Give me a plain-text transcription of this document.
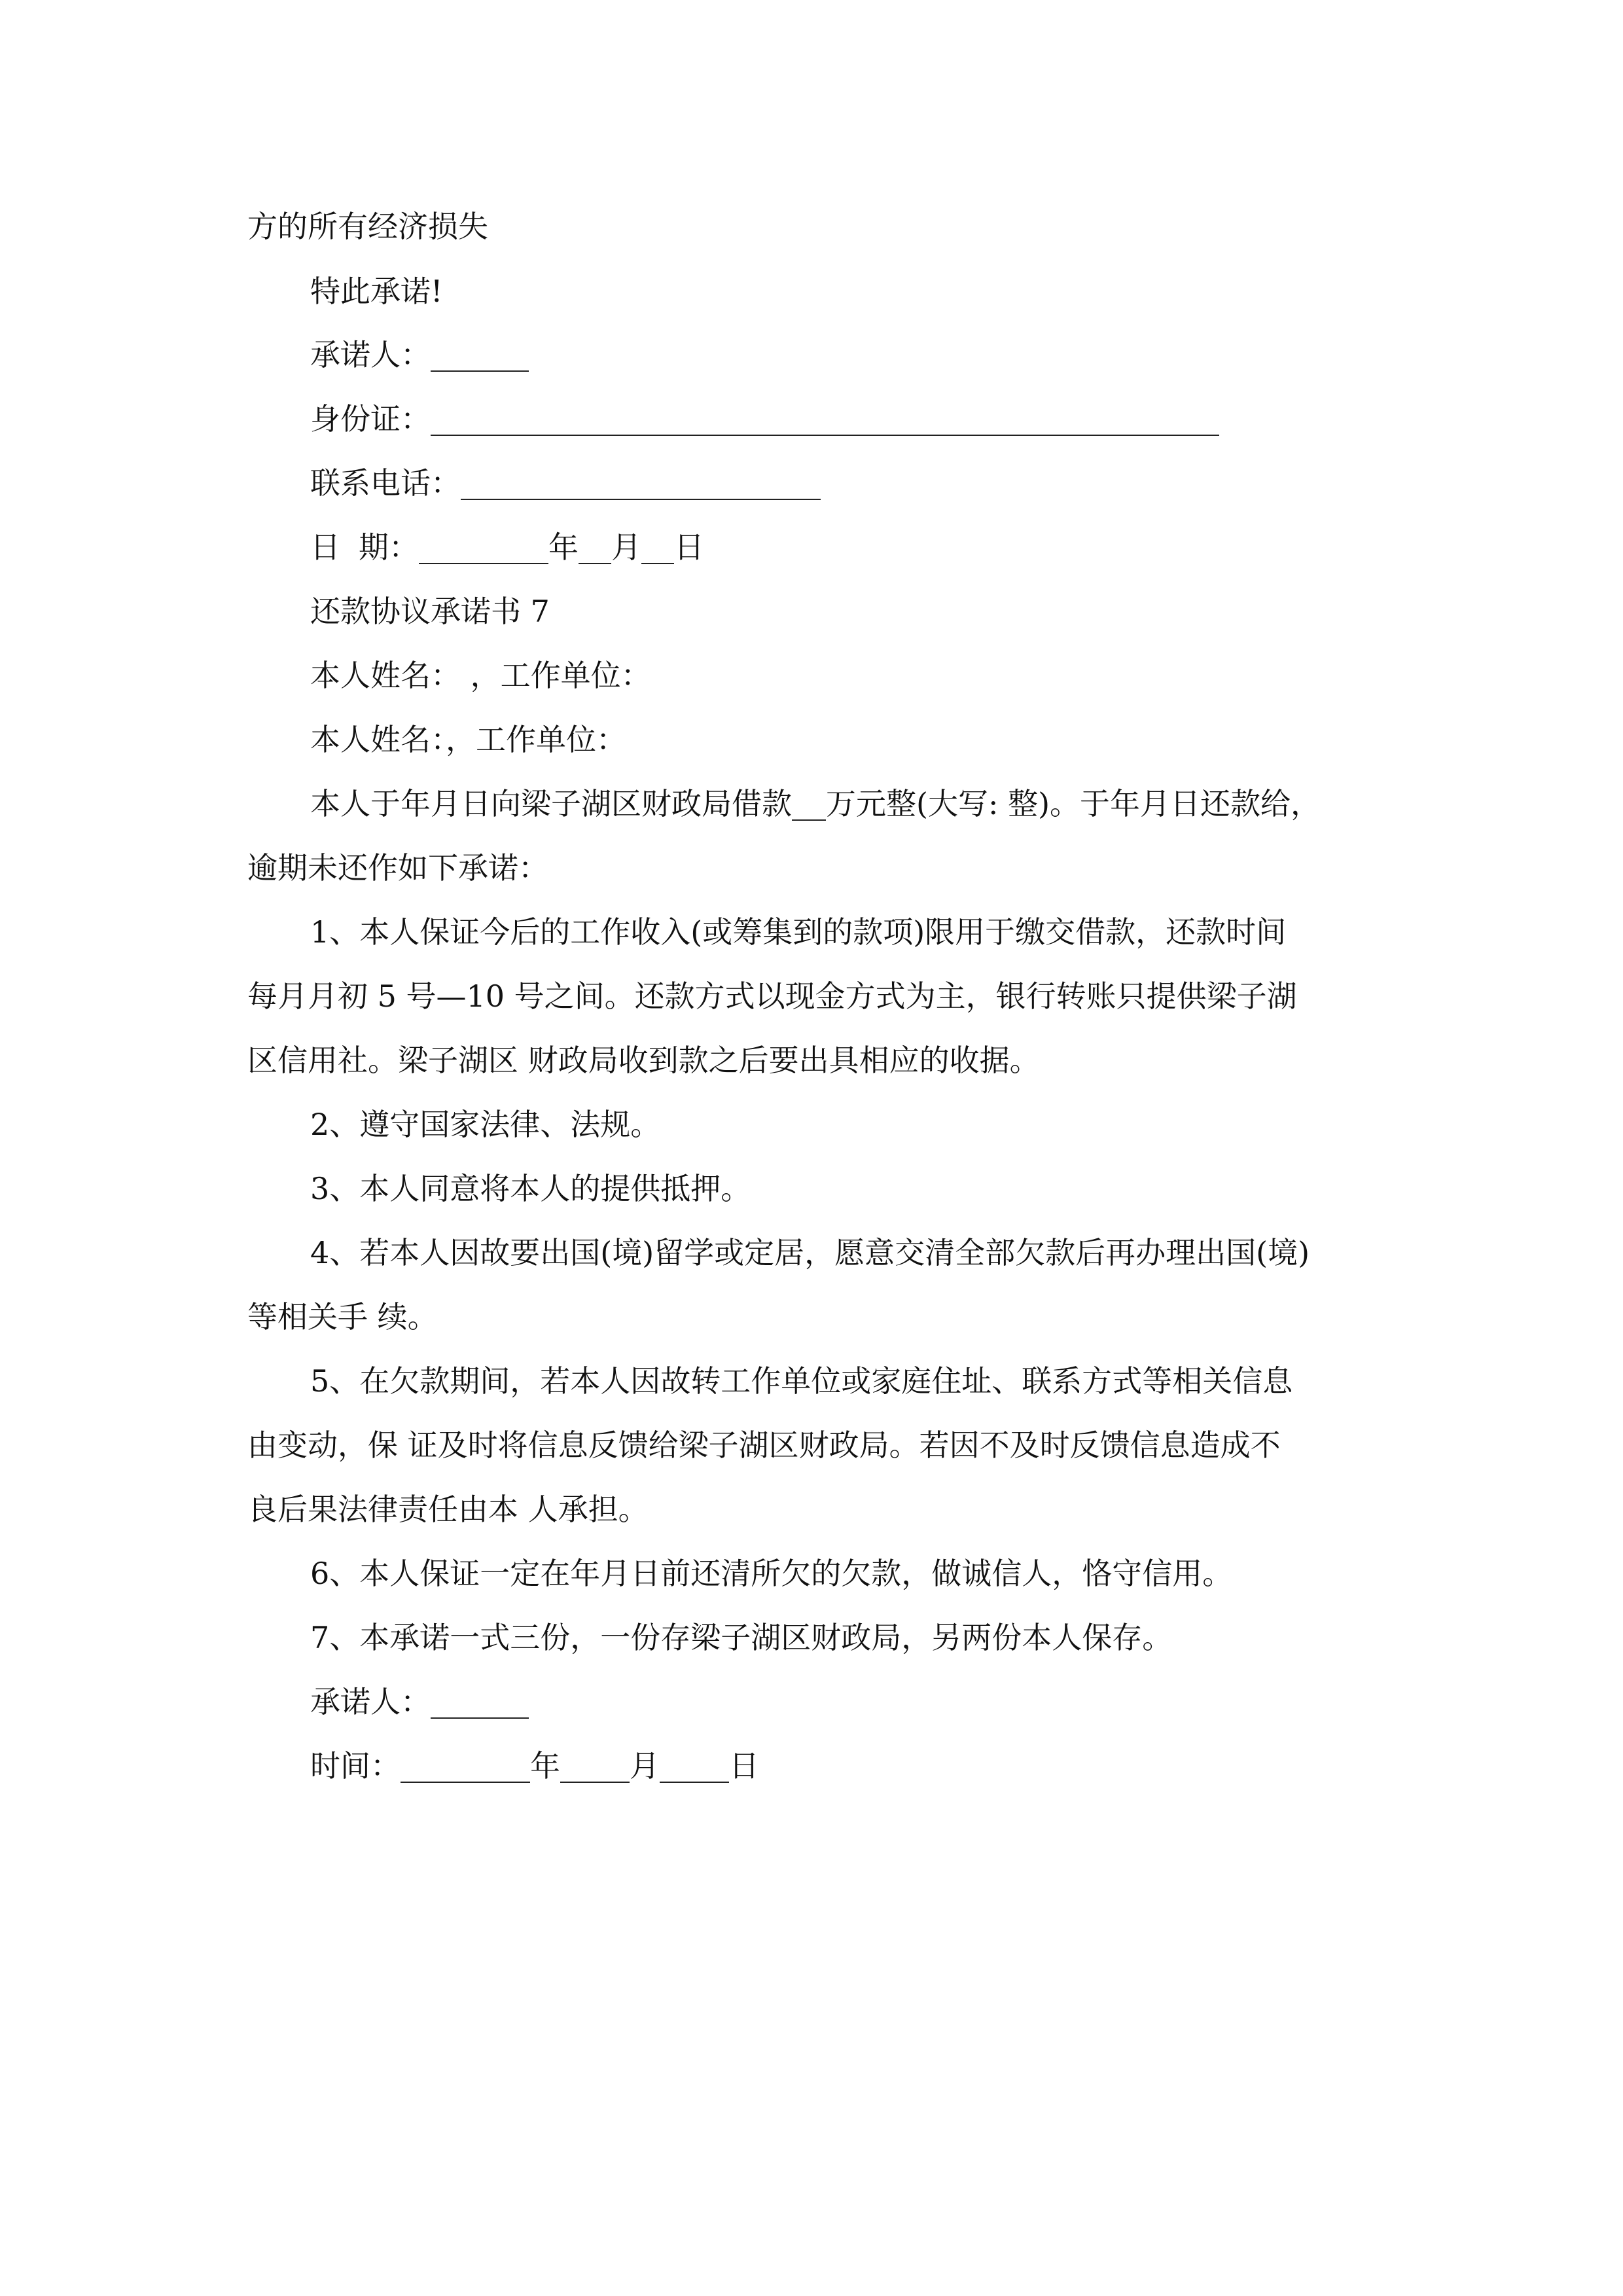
方的所有经济损失
特此承诺!
承诺人：
身份证：
联系电话：
日 期：	年 月 日
还款协议承诺书 7
本人姓名： ，工作单位：
本人姓名：，工作单位：
本人于年月日向梁子湖区财政局借款 万元整(大写: 整)。于年月日还款给，
逾期未还作如下承诺：
1、本人保证今后的工作收入(或筹集到的款项)限用于缴交借款，还款时间
每月月初 5 号—10 号之间。还款方式以现金方式为主，银行转账只提供梁子湖
区信用社。梁子湖区 财政局收到款之后要出具相应的收据。
2、遵守国家法律、法规。
3、本人同意将本人的提供抵押。
4、若本人因故要出国(境)留学或定居，愿意交清全部欠款后再办理出国(境)
等相关手 续。
5、在欠款期间，若本人因故转工作单位或家庭住址、联系方式等相关信息
由变动，保 证及时将信息反馈给梁子湖区财政局。若因不及时反馈信息造成不
良后果法律责任由本 人承担。
6、本人保证一定在年月日前还清所欠的欠款，做诚信人，恪守信用。
7、本承诺一式三份，一份存梁子湖区财政局，另两份本人保存。
承诺人：
时间：	年 月 日
